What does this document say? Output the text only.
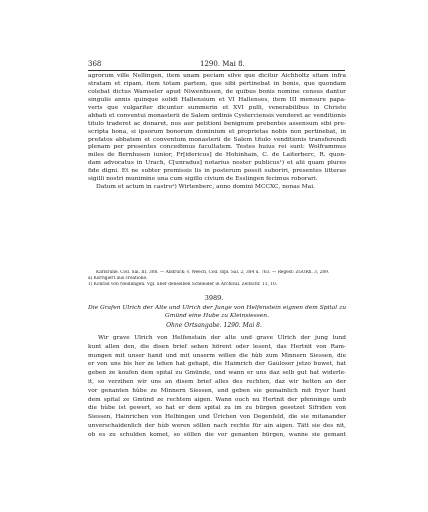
368	1290. Mai 8.
agrorum ville Nellingen, item unam peciam silve que dicitur Aichholtz sitam infra
stratam et ripam, item totam partem, que sibi pertinebat in bonis, que quondam
colebat dictus Wamseler apud Niwenhusen, de quibus bonis nomine census dantur
singulis annis quinque solidi Hallensium et VI Hallenses, item III mensure papa-
veris que vulgariter dicuntur summerin et XVI pulli, venerabilibus in Christo
abbati et conventui monasterii de Salem ordinis Cysterciensis venderet ac venditionis
titulo traderet ac donaret, nos aur petitioni benignum prebentes assensum sibi pre-
scripta bona, si ipsorum bonorum dominium et proprietas nobis non pertinebat, in
prefatos abbatem et conventum monasterii de Salem titulo venditionis transferendi
plenam per presentes concedimus facultatem. Testes huius rei sunt: Wolframmus
miles de Bernhusen iunior, Fr[idericus] de Hohinhain, C. de Laiterberc, R. quon-
dam advocatus in Urach, C[unradus] notarius noster publicus¹) et alii quam plures
fide digni. Et ne subter premissis lis in posterum possit suboriri, presentes litteras
sigilli nostri munimine una cum sigillo civium de Esslingen fecimus roborari.
Datum et actum in castro²) Wirtenberc, anno domini MCCXC, nonas Mai.
Karlsruhe. Cod. Sal. III, 308. — Abdruck: v. Weech, Cod. dipl. Sal. 2, 384 u. 763. — Regest: ZGORh. 3, 289.
a) Korrigiert aus creatione.
1) Konrad von Neidlingen. Vgl. über denselben Schneider in Archival. Zeitschr. 11, 10.
3989.
Die Grafen Ulrich der Alte und Ulrich der Junge von Helfenstein eignen dem Spital zu
Gmünd eine Hube zu Kleinsiessen.
Ohne Ortsangabe. 1290. Mai 8.
Wir grave Ulrich von Helfenstain der alte und grave Ulrich der jung tund
kunt allen den, die disen brief sehen hörent oder lesent, das Hertnit von Ram-
mungen mit unser hand und mit unserm willen die hùb zum Minnern Siessen, die
er von uns bis her ze lehen hat gehapt, die Haimrich der Gauloser jetzo buwet, hat
geben ze koufen dem spital zu Gmünde, und wann er uns daz selb gut hat widerle-
it, so verzihen wir uns an disem brief alles des rechten, daz wir hetten an der
vor genanten hùbe ze Minnern Siessen, und geben sie gemainlich mit fryer hant
dem spital ze Gmünd ze rechtem aigen. Wann ouch nu Hertnit der pfenninge umb
die hùbe ist gewert, so hat er dem spital zu im zu bürgen gesetzet Sifriden von
Siessen, Hainrichen von Helbingen und Ürichen von Degenfeld, die sie mitanander
unverschaidenlich der hùb weren söllen nach rechte für ain aigen. Tätt sie des nit,
ob es zu schulden komet, so söllen die vor genanten bürgen, wanne sie gemant
